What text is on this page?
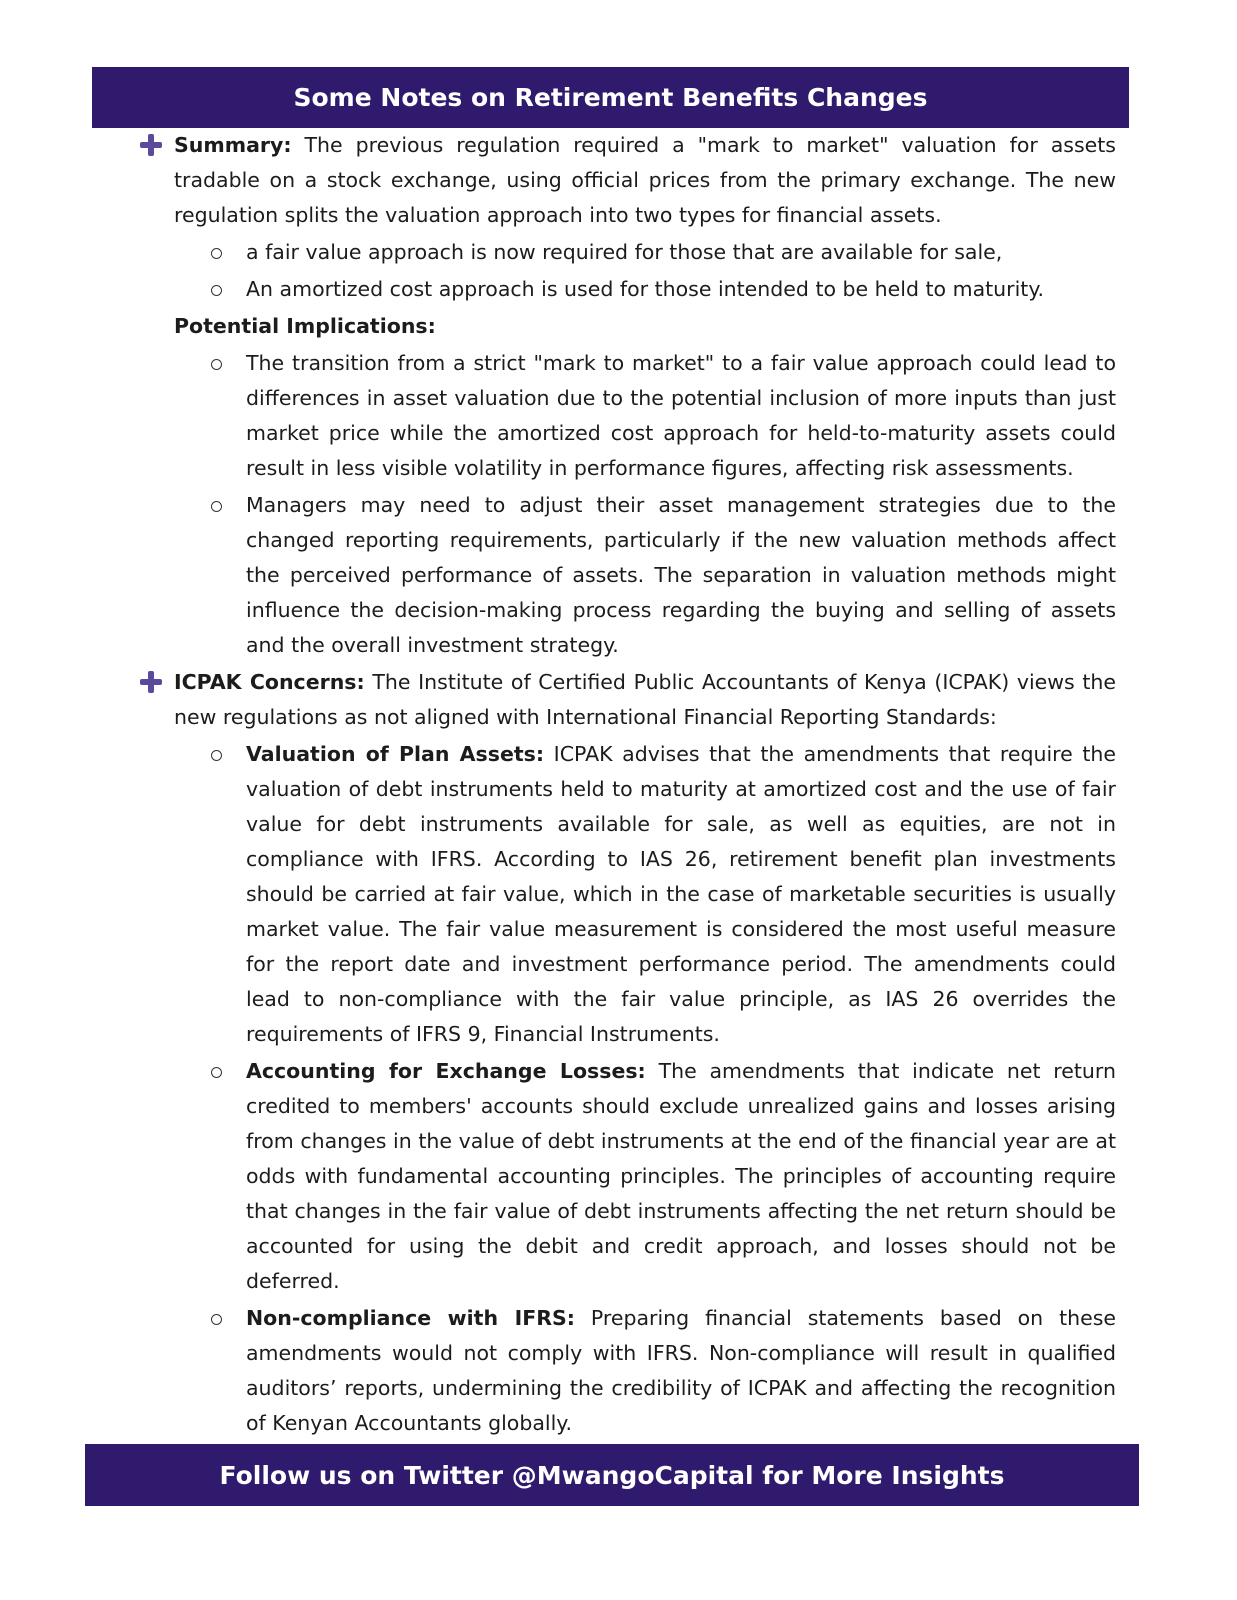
Some Notes on Retirement Benefits Changes
Summary: The previous regulation required a "mark to market" valuation for assets tradable on a stock exchange, using official prices from the primary exchange. The new regulation splits the valuation approach into two types for financial assets.
a fair value approach is now required for those that are available for sale,
An amortized cost approach is used for those intended to be held to maturity.
Potential Implications:
The transition from a strict "mark to market" to a fair value approach could lead to differences in asset valuation due to the potential inclusion of more inputs than just market price while the amortized cost approach for held-to-maturity assets could result in less visible volatility in performance figures, affecting risk assessments.
Managers may need to adjust their asset management strategies due to the changed reporting requirements, particularly if the new valuation methods affect the perceived performance of assets. The separation in valuation methods might influence the decision-making process regarding the buying and selling of assets and the overall investment strategy.
ICPAK Concerns: The Institute of Certified Public Accountants of Kenya (ICPAK) views the new regulations as not aligned with International Financial Reporting Standards:
Valuation of Plan Assets: ICPAK advises that the amendments that require the valuation of debt instruments held to maturity at amortized cost and the use of fair value for debt instruments available for sale, as well as equities, are not in compliance with IFRS. According to IAS 26, retirement benefit plan investments should be carried at fair value, which in the case of marketable securities is usually market value. The fair value measurement is considered the most useful measure for the report date and investment performance period. The amendments could lead to non-compliance with the fair value principle, as IAS 26 overrides the requirements of IFRS 9, Financial Instruments.
Accounting for Exchange Losses: The amendments that indicate net return credited to members' accounts should exclude unrealized gains and losses arising from changes in the value of debt instruments at the end of the financial year are at odds with fundamental accounting principles. The principles of accounting require that changes in the fair value of debt instruments affecting the net return should be accounted for using the debit and credit approach, and losses should not be deferred.
Non-compliance with IFRS: Preparing financial statements based on these amendments would not comply with IFRS. Non-compliance will result in qualified auditors’ reports, undermining the credibility of ICPAK and affecting the recognition of Kenyan Accountants globally.
Follow us on Twitter @MwangoCapital for More Insights
